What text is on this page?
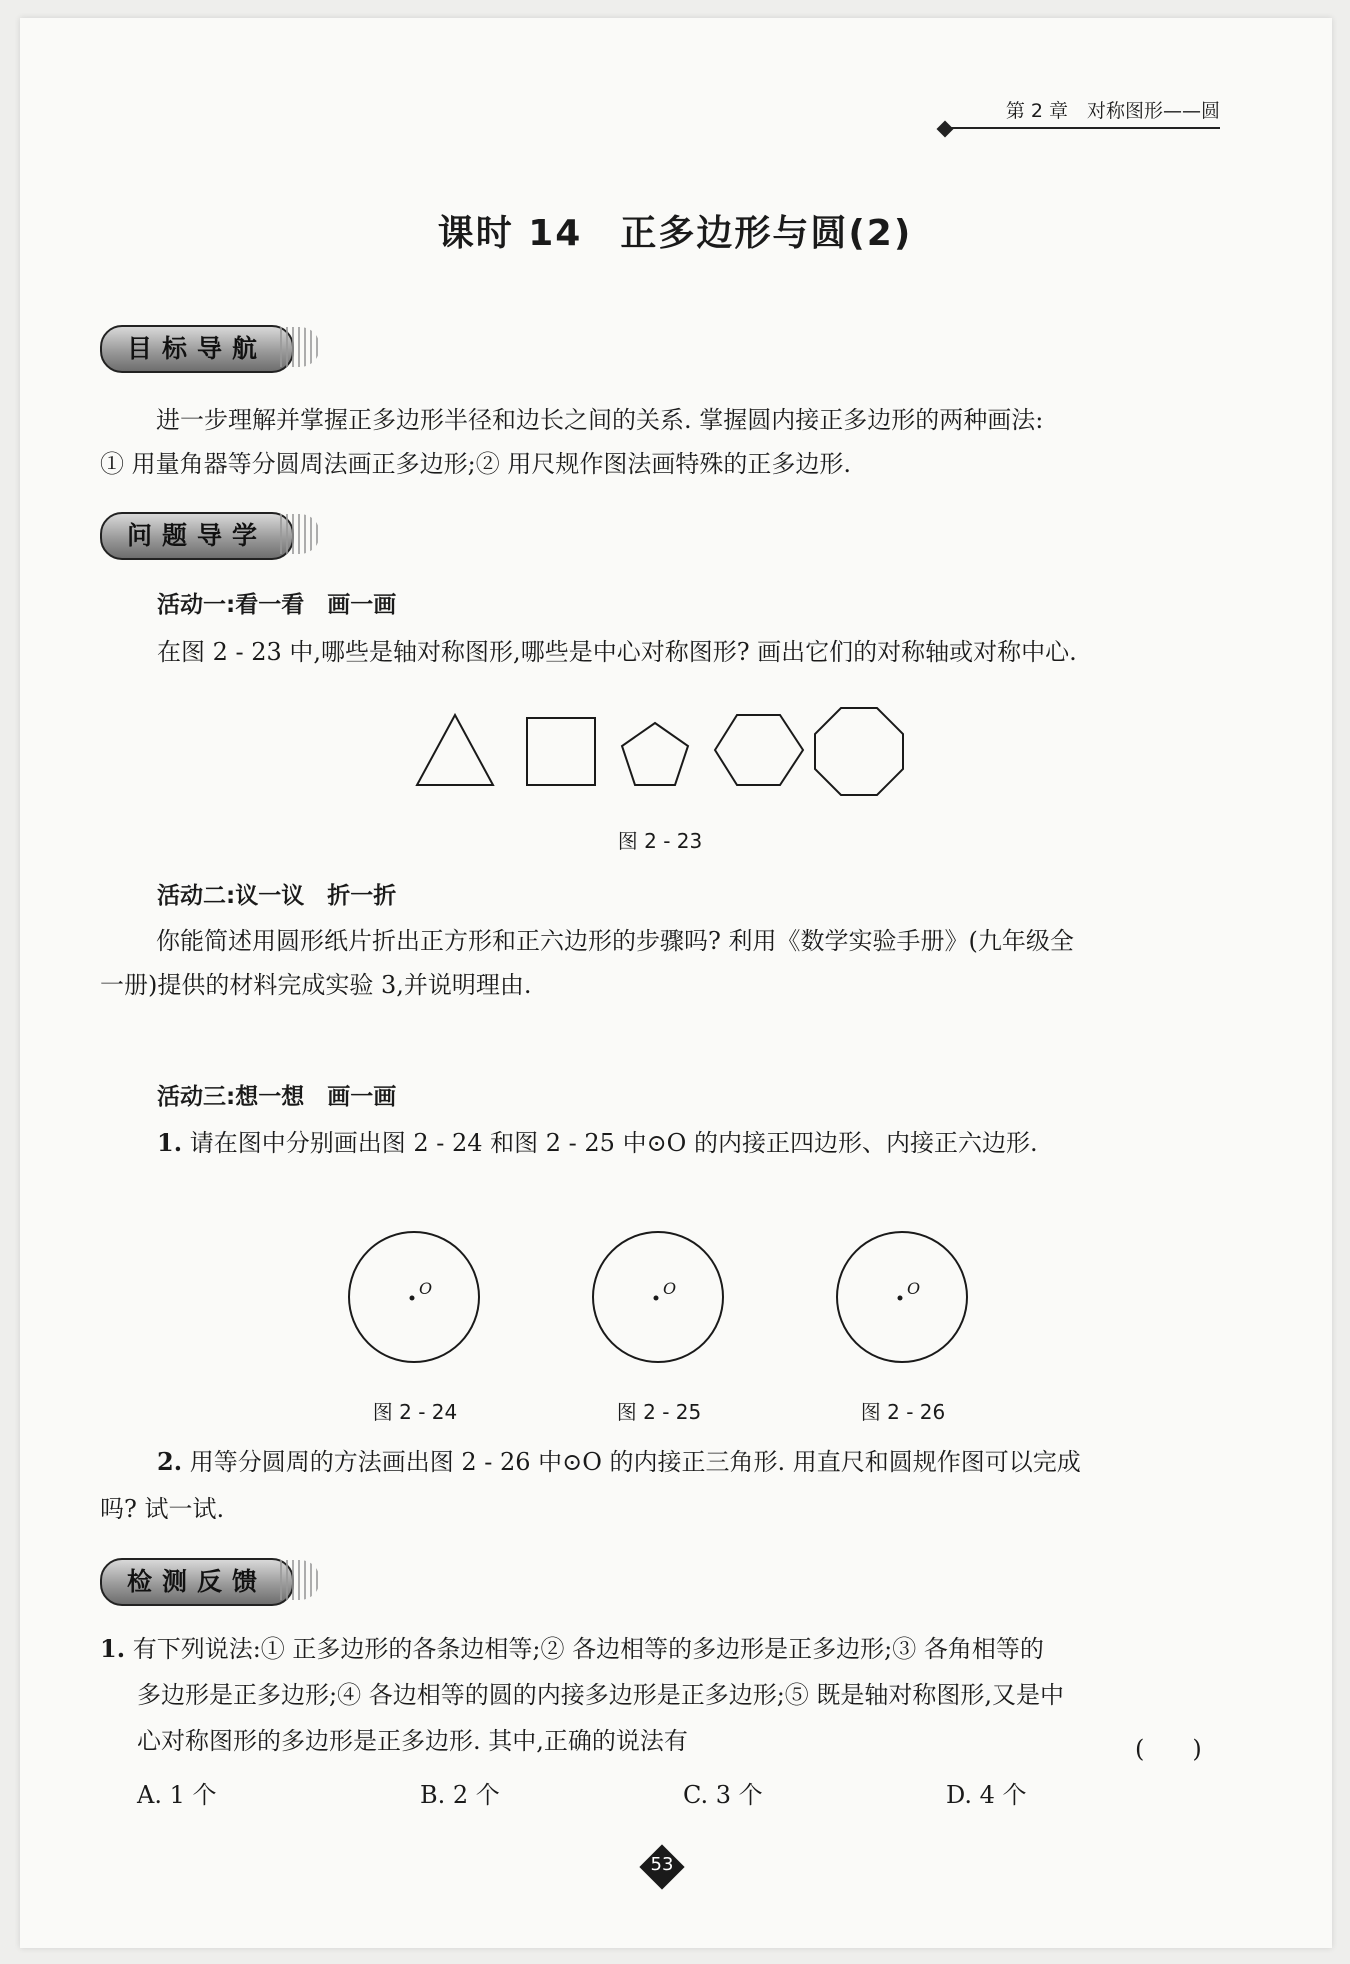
第 2 章　对称图形——圆
课时 14　正多边形与圆(2)
目标导航
进一步理解并掌握正多边形半径和边长之间的关系. 掌握圆内接正多边形的两种画法:
① 用量角器等分圆周法画正多边形;② 用尺规作图法画特殊的正多边形.
问题导学
活动一:看一看　画一画
在图 2 - 23 中,哪些是轴对称图形,哪些是中心对称图形? 画出它们的对称轴或对称中心.
图 2 - 23
活动二:议一议　折一折
你能简述用圆形纸片折出正方形和正六边形的步骤吗? 利用《数学实验手册》(九年级全
一册)提供的材料完成实验 3,并说明理由.
活动三:想一想　画一画
1. 请在图中分别画出图 2 - 24 和图 2 - 25 中⊙O 的内接正四边形、内接正六边形.
O	O	O
图 2 - 24	图 2 - 25	图 2 - 26
2. 用等分圆周的方法画出图 2 - 26 中⊙O 的内接正三角形. 用直尺和圆规作图可以完成
吗? 试一试.
检测反馈
1. 有下列说法:① 正多边形的各条边相等;② 各边相等的多边形是正多边形;③ 各角相等的
多边形是正多边形;④ 各边相等的圆的内接多边形是正多边形;⑤ 既是轴对称图形,又是中
心对称图形的多边形是正多边形. 其中,正确的说法有	(　　)
A. 1 个	B. 2 个	C. 3 个	D. 4 个
53
